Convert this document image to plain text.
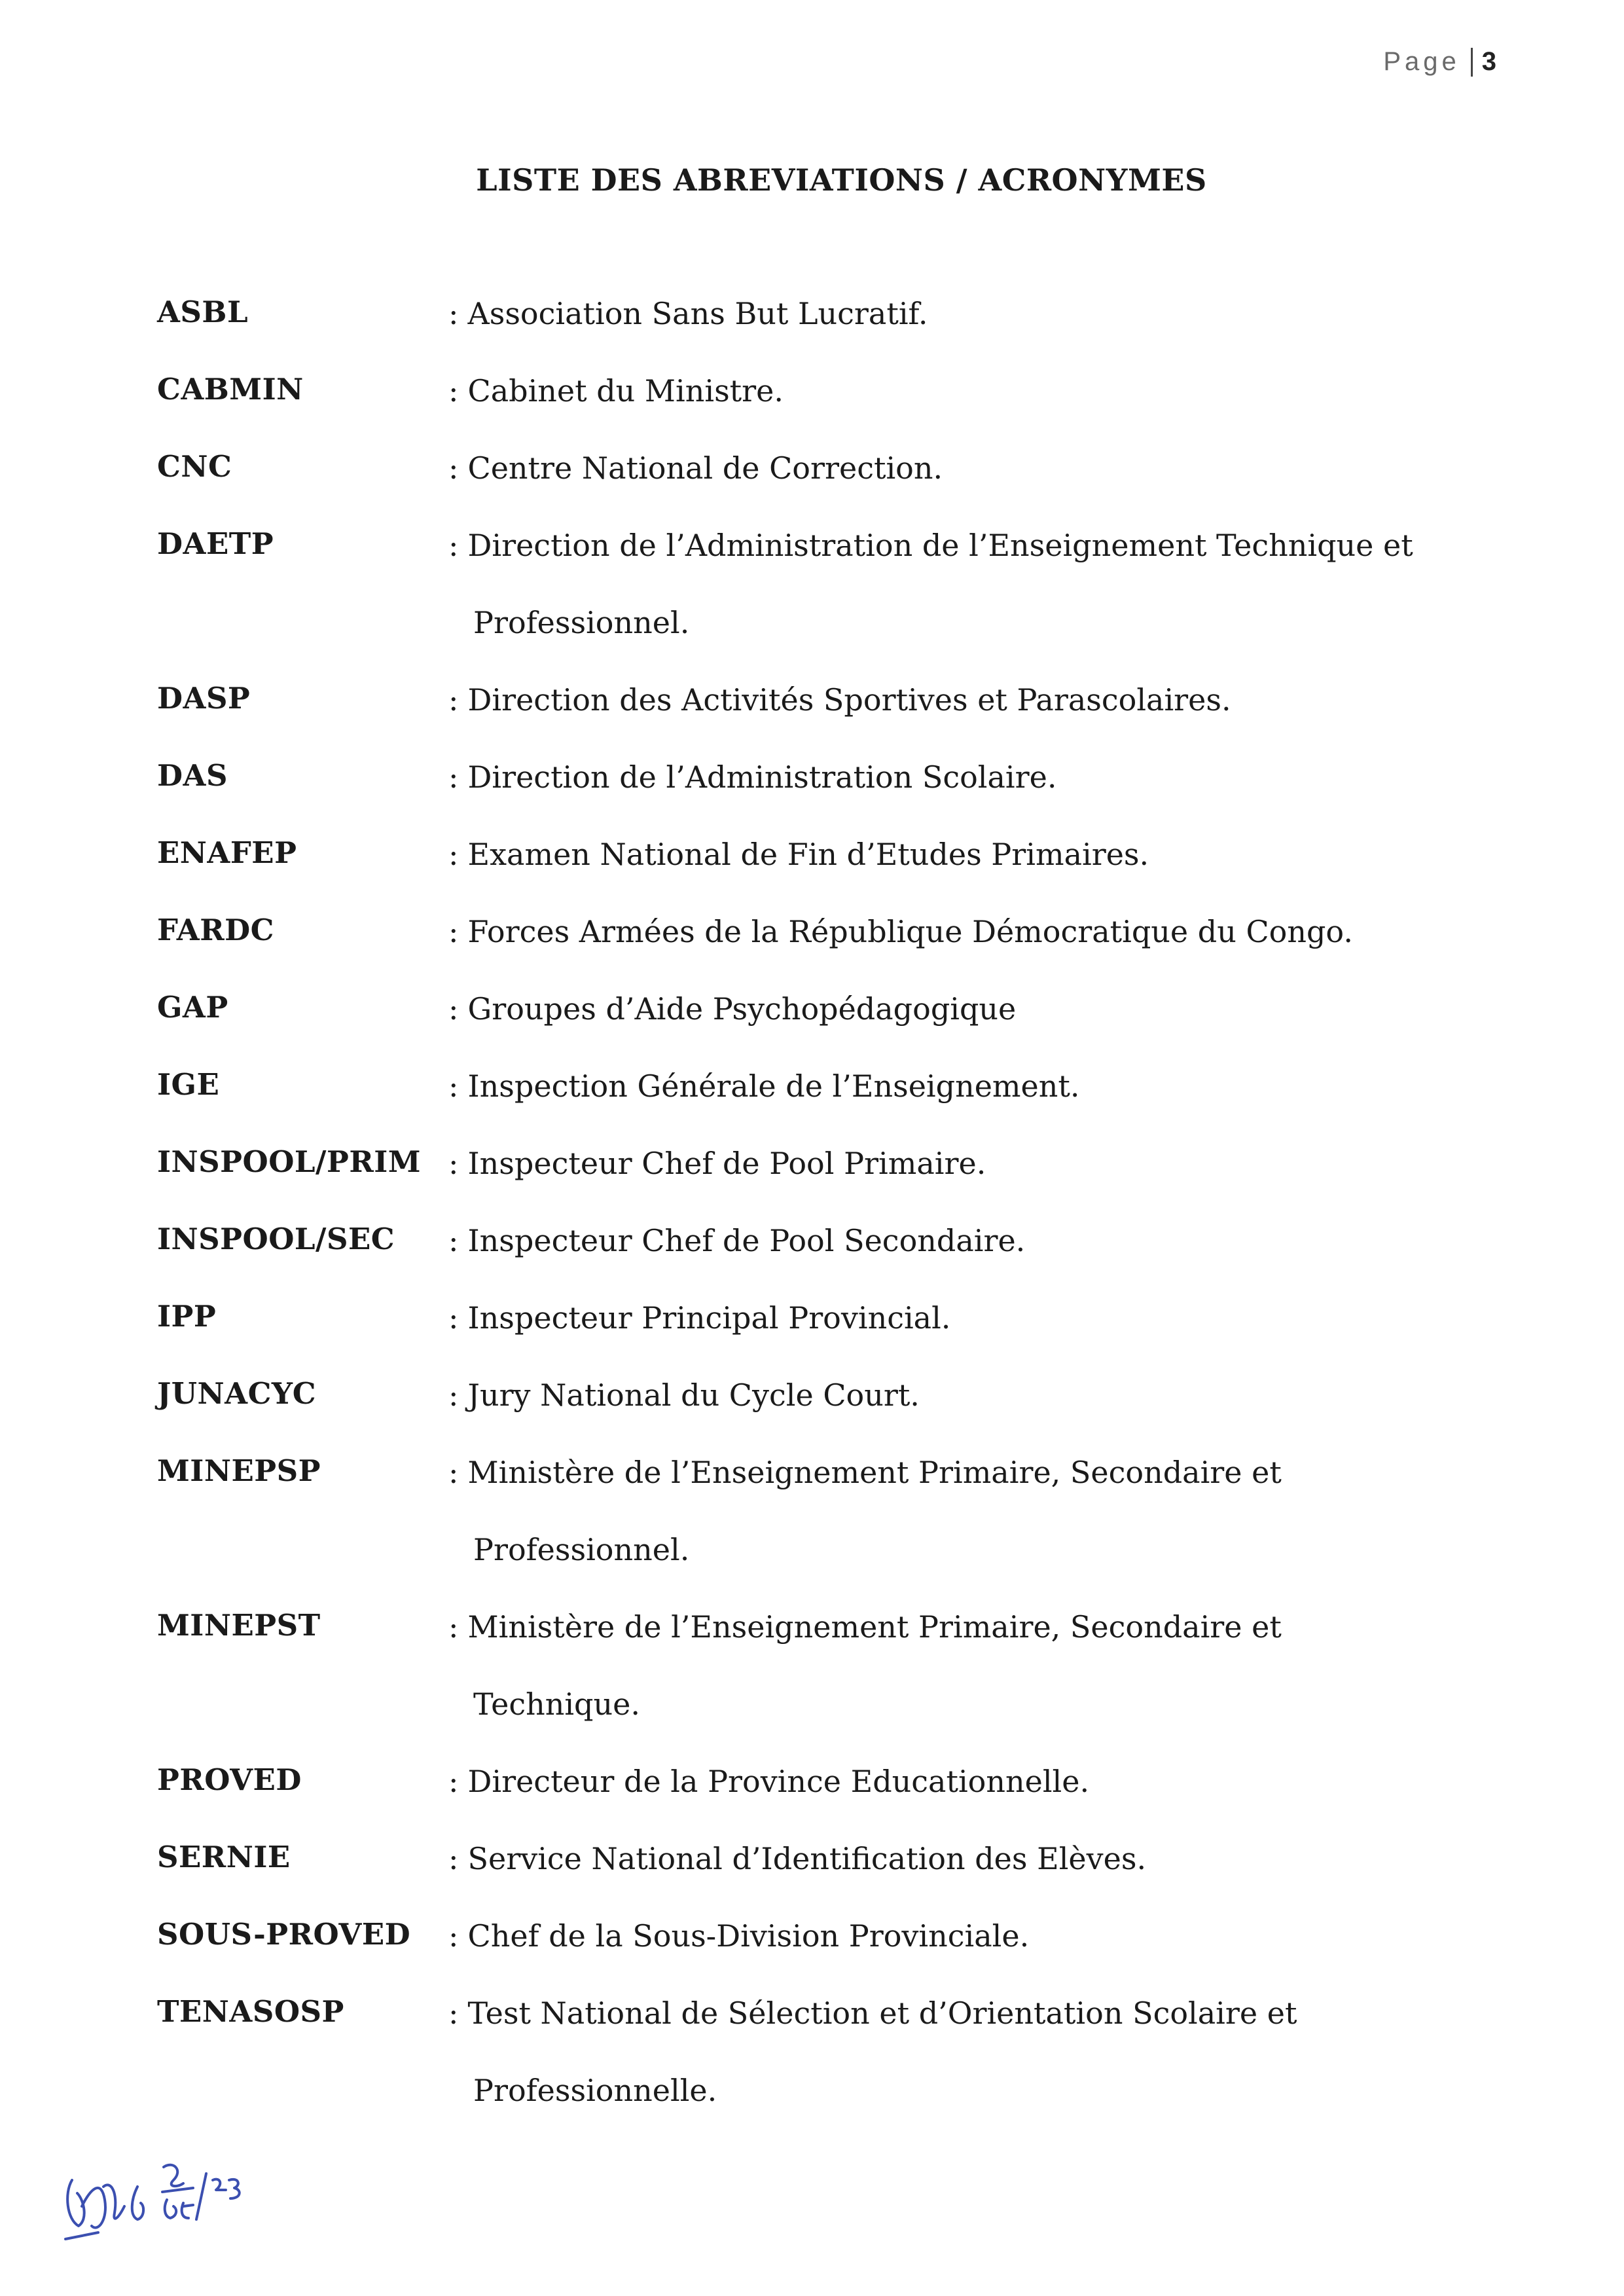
Page 3
LISTE DES ABREVIATIONS / ACRONYMES
ASBL	: Association Sans But Lucratif.
CABMIN	: Cabinet du Ministre.
CNC	: Centre National de Correction.
DAETP	: Direction de l’Administration de l’Enseignement Technique et
Professionnel.
DASP	: Direction des Activités Sportives et Parascolaires.
DAS	: Direction de l’Administration Scolaire.
ENAFEP	: Examen National de Fin d’Etudes Primaires.
FARDC	: Forces Armées de la République Démocratique du Congo.
GAP	: Groupes d’Aide Psychopédagogique
IGE	: Inspection Générale de l’Enseignement.
INSPOOL/PRIM : Inspecteur Chef de Pool Primaire.
INSPOOL/SEC : Inspecteur Chef de Pool Secondaire.
IPP	: Inspecteur Principal Provincial.
JUNACYC	: Jury National du Cycle Court.
MINEPSP	: Ministère de l’Enseignement Primaire, Secondaire et
Professionnel.
MINEPST	: Ministère de l’Enseignement Primaire, Secondaire et
Technique.
PROVED	: Directeur de la Province Educationnelle.
SERNIE	: Service National d’Identification des Elèves.
SOUS-PROVED : Chef de la Sous-Division Provinciale.
TENASOSP	: Test National de Sélection et d’Orientation Scolaire et
Professionnelle.
